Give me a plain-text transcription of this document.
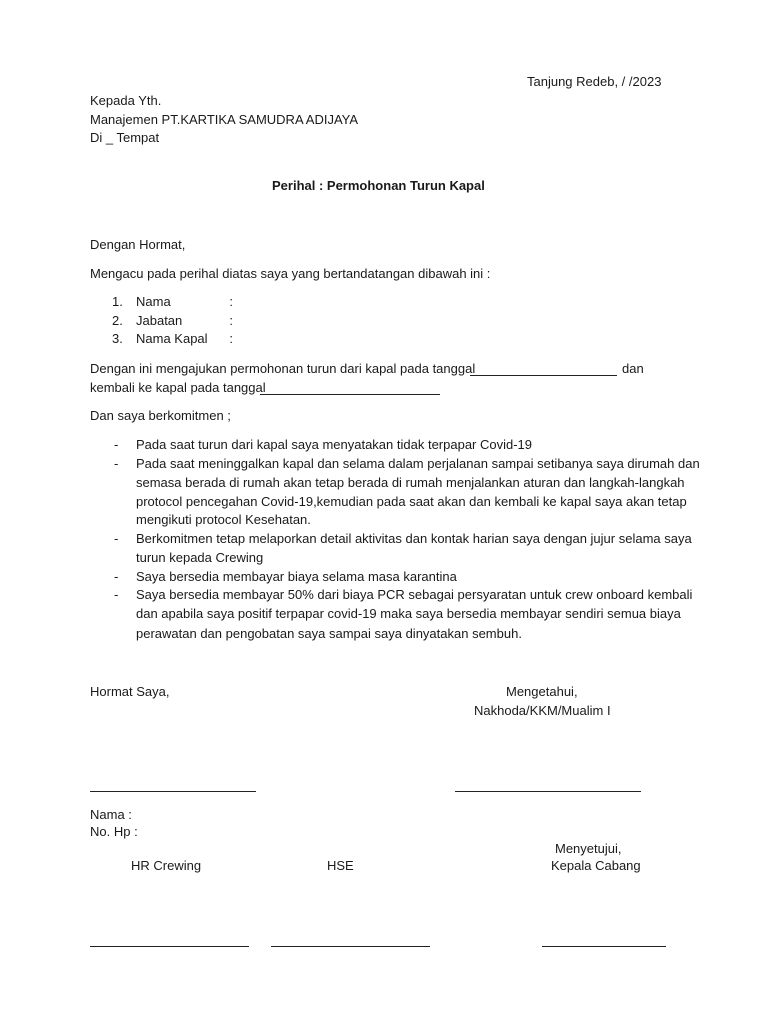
Tanjung Redeb, / /2023
Kepada Yth.
Manajemen PT.KARTIKA SAMUDRA ADIJAYA
Di _ Tempat
Perihal : Permohonan Turun Kapal
Dengan Hormat,
Mengacu pada perihal diatas saya yang bertandatangan dibawah ini :
1. Nama	:
2. Jabatan	:
3. Nama Kapal	:
Dengan ini mengajukan permohonan turun dari kapal pada tanggal	dan
kembali ke kapal pada tanggal
Dan saya berkomitmen ;
- Pada saat turun dari kapal saya menyatakan tidak terpapar Covid-19
- Pada saat meninggalkan kapal dan selama dalam perjalanan sampai setibanya saya dirumah dan
semasa berada di rumah akan tetap berada di rumah menjalankan aturan dan langkah-langkah
protocol pencegahan Covid-19,kemudian pada saat akan dan kembali ke kapal saya akan tetap
mengikuti protocol Kesehatan.
- Berkomitmen tetap melaporkan detail aktivitas dan kontak harian saya dengan jujur selama saya
turun kepada Crewing
- Saya bersedia membayar biaya selama masa karantina
- Saya bersedia membayar 50% dari biaya PCR sebagai persyaratan untuk crew onboard kembali
dan apabila saya positif terpapar covid-19 maka saya bersedia membayar sendiri semua biaya
perawatan dan pengobatan saya sampai saya dinyatakan sembuh.
Hormat Saya,	Mengetahui,
Nakhoda/KKM/Mualim I
Nama :
No. Hp :
Menyetujui,
HR Crewing	HSE	Kepala Cabang
